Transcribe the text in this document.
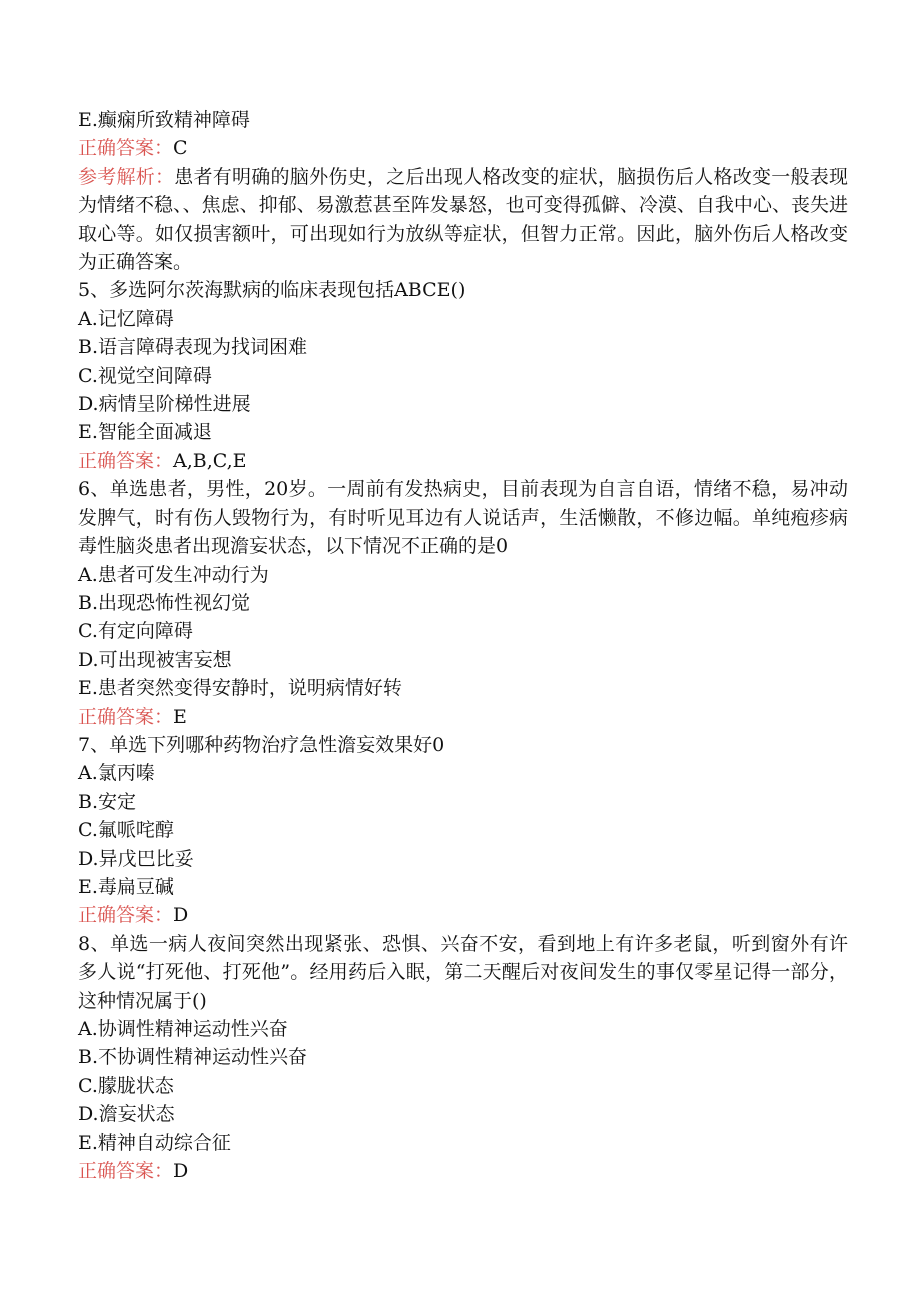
E.癫痫所致精神障碍

正确答案：C

参考解析：患者有明确的脑外伤史，之后出现人格改变的症状，脑损伤后人格改变一般表现为情绪不稳、、焦虑、抑郁、易激惹甚至阵发暴怒，也可变得孤僻、冷漠、自我中心、丧失进取心等。如仅损害额叶，可出现如行为放纵等症状，但智力正常。因此，脑外伤后人格改变为正确答案。

5、多选阿尔茨海默病的临床表现包括ABCE()

A.记忆障碍

B.语言障碍表现为找词困难

C.视觉空间障碍

D.病情呈阶梯性进展

E.智能全面减退

正确答案：A,B,C,E

6、单选患者，男性，20岁。一周前有发热病史，目前表现为自言自语，情绪不稳，易冲动发脾气，时有伤人毁物行为，有时听见耳边有人说话声，生活懒散，不修边幅。单纯疱疹病毒性脑炎患者出现澹妄状态，以下情况不正确的是0

A.患者可发生冲动行为

B.出现恐怖性视幻觉

C.有定向障碍

D.可出现被害妄想

E.患者突然变得安静时，说明病情好转

正确答案：E

7、单选下列哪种药物治疗急性澹妄效果好0

A.氯丙嗪

B.安定

C.氟哌咤醇

D.异戊巴比妥

E.毒扁豆碱

正确答案：D

8、单选一病人夜间突然出现紧张、恐惧、兴奋不安，看到地上有许多老鼠，听到窗外有许多人说“打死他、打死他”。经用药后入眠，第二天醒后对夜间发生的事仅零星记得一部分，这种情况属于()

A.协调性精神运动性兴奋

B.不协调性精神运动性兴奋

C.朦胧状态

D.澹妄状态

E.精神自动综合征

正确答案：D
